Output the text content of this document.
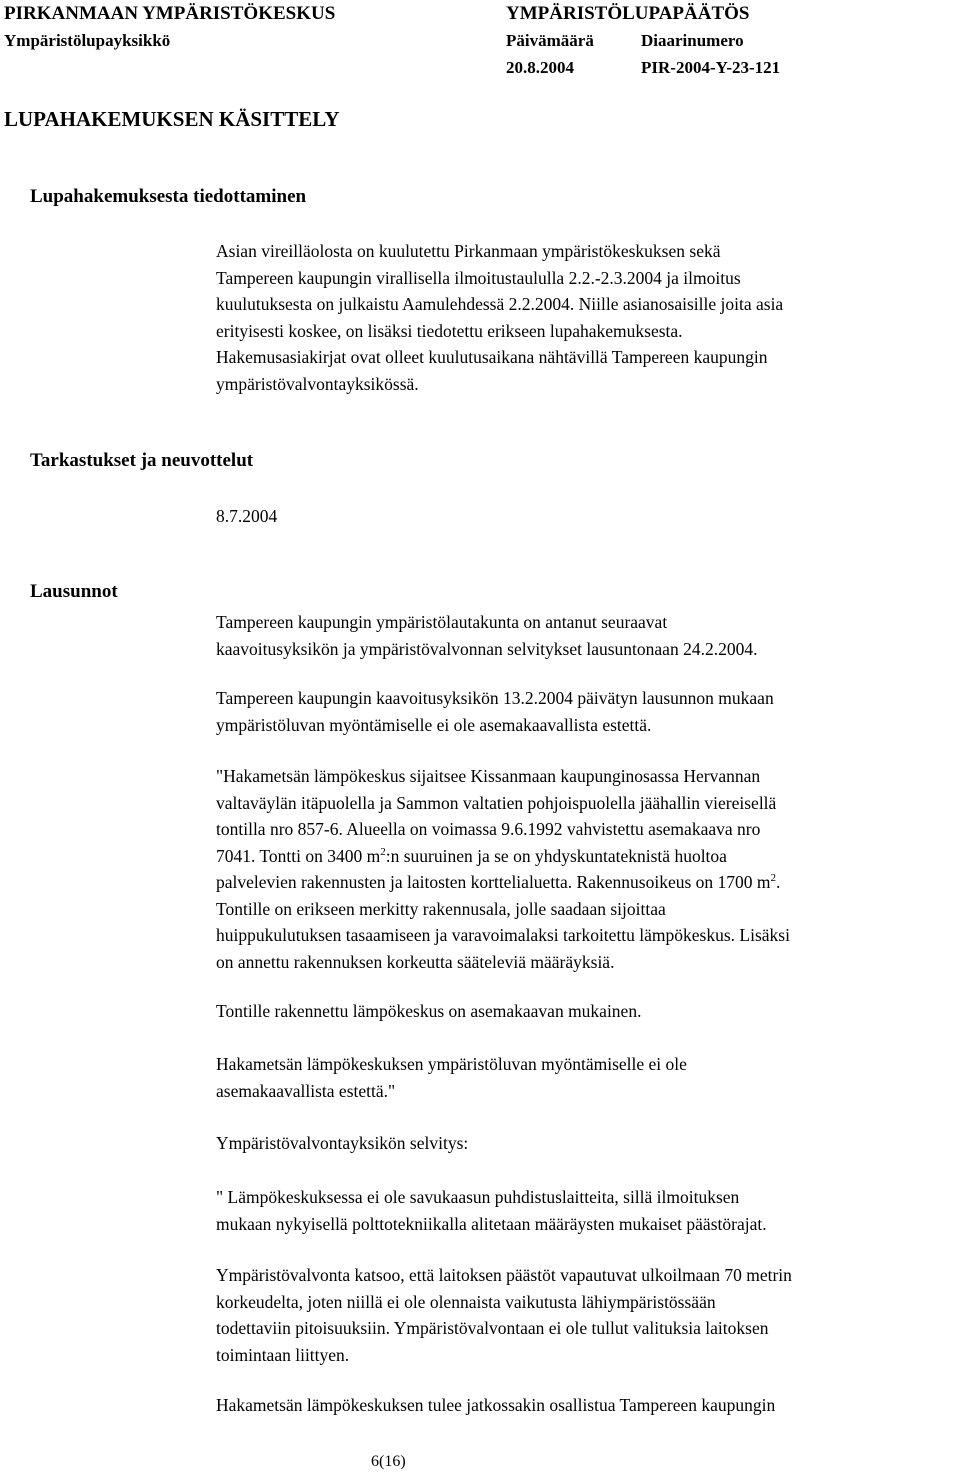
PIRKANMAAN YMPÄRISTÖKESKUS
Ympäristölupayksikkö
YMPÄRISTÖLUPAPÄÄTÖS
Päivämäärä	Diaarinumero
20.8.2004	PIR-2004-Y-23-121
LUPAHAKEMUKSEN KÄSITTELY
Lupahakemuksesta tiedottaminen
Asian vireilläolosta on kuulutettu Pirkanmaan ympäristökeskuksen sekä
Tampereen kaupungin virallisella ilmoitustaululla 2.2.-2.3.2004 ja ilmoitus
kuulutuksesta on julkaistu Aamulehdessä 2.2.2004. Niille asianosaisille joita asia
erityisesti koskee, on lisäksi tiedotettu erikseen lupahakemuksesta.
Hakemusasiakirjat ovat olleet kuulutusaikana nähtävillä Tampereen kaupungin
ympäristövalvontayksikössä.
Tarkastukset ja neuvottelut
8.7.2004
Lausunnot
Tampereen kaupungin ympäristölautakunta on antanut seuraavat
kaavoitusyksikön ja ympäristövalvonnan selvitykset lausuntonaan 24.2.2004.
Tampereen kaupungin kaavoitusyksikön 13.2.2004 päivätyn lausunnon mukaan
ympäristöluvan myöntämiselle ei ole asemakaavallista estettä.
"Hakametsän lämpökeskus sijaitsee Kissanmaan kaupunginosassa Hervannan
valtaväylän itäpuolella ja Sammon valtatien pohjoispuolella jäähallin viereisellä
tontilla nro 857-6. Alueella on voimassa 9.6.1992 vahvistettu asemakaava nro
7041. Tontti on 3400 $m^2:n$ suuruinen ja se on yhdyskuntateknistä huoltoa
palvelevien rakennusten ja laitosten korttelialuetta. Rakennusoikeus on 1700 $m^2$.
Tontille on erikseen merkitty rakennusala, jolle saadaan sijoittaa
huippukulutuksen tasaamiseen ja varavoimalaksi tarkoitettu lämpökeskus. Lisäksi
on annettu rakennuksen korkeutta sääteleviä määräyksiä.
Tontille rakennettu lämpökeskus on asemakaavan mukainen.
Hakametsän lämpökeskuksen ympäristöluvan myöntämiselle ei ole
asemakaavallista estettä."
Ympäristövalvontayksikön selvitys:
" Lämpökeskuksessa ei ole savukaasun puhdistuslaitteita, sillä ilmoituksen
mukaan nykyisellä polttotekniikalla alitetaan määräysten mukaiset päästörajat.
Ympäristövalvonta katsoo, että laitoksen päästöt vapautuvat ulkoilmaan 70 metrin
korkeudelta, joten niillä ei ole olennaista vaikutusta lähiympäristössään
todettaviin pitoisuuksiin. Ympäristövalvontaan ei ole tullut valituksia laitoksen
toimintaan liittyen.
Hakametsän lämpökeskuksen tulee jatkossakin osallistua Tampereen kaupungin
6(16)
